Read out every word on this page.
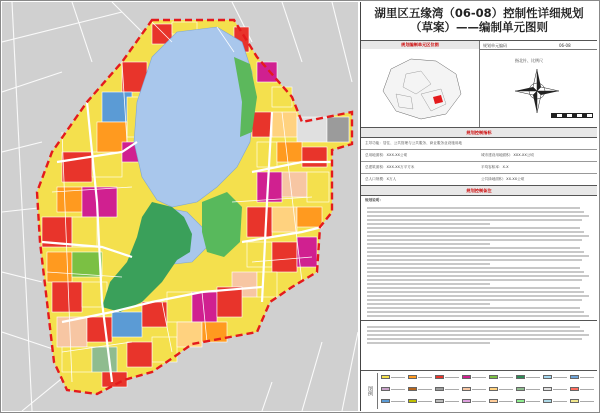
湖里区五缘湾（06-08）控制性详细规划
（草案）——编制单元图则
规划编制单元区位图	规划单元编码	06-08
指北针、比例尺
规划控制指标
主导功能：居住、公共管理与公共服务、商业服务业设施用地
总用地面积：XXX.XX公顷	城市建设用地面积：XXX.XX公顷
总建筑面积：XXX.XX万平方米	平均容积率：X.X
总人口规模：X万人	公共绿地面积：XX.XX公顷
规划控制备注
规划说明：
图例
